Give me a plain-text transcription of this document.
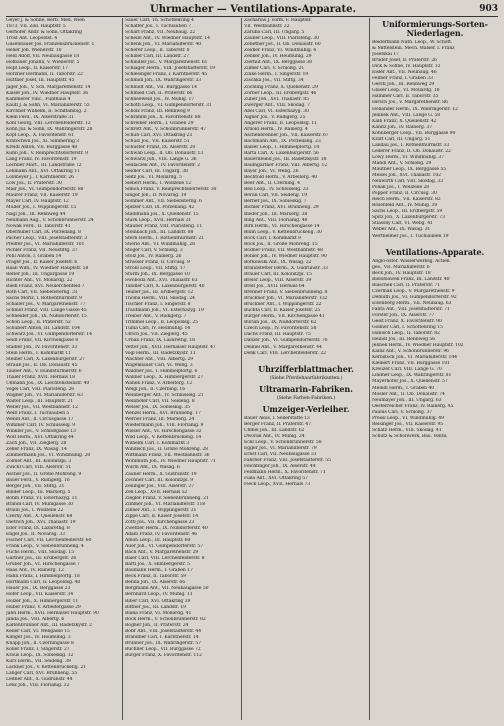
Uhrmacher — Ventilations-Apparate.	903
Geyer J. & Söhne, Berb. Med. Wien
1873, VII. Zoll. Hauptstr. 5
Gerhofer Andr. & Sohn, Ottakring
Trost Ant. Leopoldst. 4
Gusenbauer Jos. Franzensbrückenstr. 1
Heller Joh. Wienerstr. 10
Held Adolf, VII. Neubaugasse 18
Hofbauer Johann, V. Wienerstr. 5
Hopf Leop., II. Kaiserstr. 17
Hörzner Hermann, II. Taborstr. 22
Hüttner Josef, III. Hauptstr. 45
Jäger Joh., V. Sch. Margarethenstr. 14
Kaiser Joh., IV. Wiedner Hauptstr. 36
Kämmerer Vinc., Fünfhaus 4
Käufl J. & Sohn, VI. Mariahilferstr. 55
Kirchner Wilhelm, II. Schiffamtsg. 2
Klein Ferd., IX. Alserstraße 31
Kohl Georg, VIII. Lerchenfelderstr. 12
Kohn Jul. & Sohn, IX. Währingerstr. 28
Kopf Leop., X. Favoritenstr. 61
Kratochwil Jos., XI. Simmering 3
Kreidl Anton, VII. Burggasse 48
Kühn Joh., V. Reinprechtsdorferstr. 9
Lang Franz, IV. Favoritenstr. 19
Lechner Mart., III. Landstraße 72
Lehmann Ant., XVI. Ottakring 11
Lobmeyer J., I. Kärntnerstr. 26
Löw Jos., II. Praterstr. 30
Mair Jos., VI. Gumpendorferstr. 88
Maurer Franz, VII. Kaiserstr. 19
Mayer Carl, IV. Hauptstr. 12
Müller Jos., I. Wipplingerstr. 15
Nagl Joh., III. Rennweg 44
Neumann Aug., V. Schönbrunnerstr. 24
Nowak Ferd., II. Taborstr. 41
Oberhuber Carl, IX. Porzellang. 8
Pacher Leop., VIII. Josefstädterstr. 3
Pfeiffer Jos., VI. Mariahilferstr. 101
Pichler Franz, VII. Neustiftg. 37
Pohl Anton, I. Graben 14
Prager Jos., II. Kaiser Josefstr. 6
Raab Wilh., IV. Wiedner Hauptstr. 58
Reiter Joh., III. Ungargasse 19
Richter Ant., VI. Mollardg. 22
Riedl Franz, XVI. Neulerchenfeld 7
Roth Carl, VII. Siebensterng. 31
Sachs Moriz, I. Rothenthurmstr. 9
Schaller Jos., V. Margarethenstr. 77
Schmid Franz, VIII. Lange Gasse 45
Schneider Joh., IX. Nußdorferstr. 15
Schön Leop., II. Praterstr. 52
Schubert Anton, III. Landstr. 104
Schwarz Jos., VI. Gumpendorferstr. 14
Seidl Franz, VII. Kirchengasse 8
Stadler Joh., IV. Favoritenstr. 33
Stein Herm., I. Kohlmarkt 11
Steiner Carl, X. Laxenburgerstr. 27
Strauß Jos., II. Ob. Donaustr. 45
Tauber Ant., V. Hundsturmerstr. 6
Thaler Franz, XVII. Hernals 18
Ullmann Jos., IX. Liechtensteinstr. 40
Vogel Carl, VIII. Piaristeng. 26
Wagner Joh., VI. Mariahilferstr. 63
Walter Leop., III. Hauptstr. 21
Weber Jos., VII. Westbahnstr. 12
Weiß Franz, I. Tuchlauben 5
Wendl Ant., II. Circusgasse 17
Wimmer Carl, IV. Schlüsselg. 9
Winkler Jos., V. Schloßgasse 13
Wolf Herm., XVI. Ottakring 44
Zach Joh., VII. Zieglerg. 28
Zeller Franz, IX. Wasag. 14
Zimmermann Jos., VI. Windmühlg. 20
Zöllner Ant., III. Kolonitzpl. 3
Zwickl Carl, VIII. Alserstr. 51
Ascher Jos., II. Große Mohreng. 9
Bauer Ferd., V. Rüdigerg. 16
Berger Joh., VII. Stiftg. 21
Binder Leop., III. Marxerg. 5
Böhm Franz, VI. Esterhazyg. 11
Brandl Carl, IV. Mühlgasse 30
Braun Jos., I. Wollzeile 22
Czerny Ant., X. Quellenstr. 68
Dietrich Joh., XVI. Thaliastr. 19
Eder Franz, IX. Lazarethg. 8
Engel Jos., II. Novarag. 33
Fischer Carl, VII. Lerchenfelderstr. 60
Frank Leop., V. Siebenbrunneng. 4
Fuchs Herm., VIII. Skodag. 15
Gärtner Jos., III. Erdbergstr. 26
Gruber Joh., VI. Hirschengasse 7
Haas Ant., IV. Rainerg. 12
Hahn Franz, I. Himmelpfortg. 18
Hartmann Carl, II. Leopoldsg. 40
Hauer Jos., IX. Berggasse 23
Hofer Leop., VII. Kaiserstr. 34
Holzer Joh., X. Himbergerstr. 11
Huber Franz, V. Arbeitergasse 29
Jahn Herm., XVII. Hernalser Hauptstr. 90
Janda Jos., VIII. Albertg. 6
Kaltenbrunner Ant., III. Radetzkystr. 2
Keller Carl, VI. Webgasse 15
Klinger Jos., IV. Heumühlg. 3
Knapp Joh., II. Czerningasse 8
Koller Franz, I. Singerstr. 27
Kraus Leop., IX. Sobieskig. 12
Kurz Herm., VII. Seideng. 39
Lackner Jos., V. Kettenbrückeng. 21
Langer Carl, XVI. Brunneng. 55
Leitner Ant., X. Gudrunstr. 44
Lenz Joh., VIII. Florianig. 32
Sauer Carl, Th. Schottenring 4
Schaffer Jos., I. Tuchlauben 7
Schärf Franz, VII. Neubaug. 22
Scheibl Ant., IV. Wiedner Hauptstr. 14
Schenk Joh., VI. Mariahilferstr. 40
Scherer Leop., II. Taborstr. 8
Schiller Carl, III. Landstr. 27
Schindler Jos., V. Margarethenstr. 61
Schlager Herm., VIII. Josefstädterstr. 19
Schlesinger Franz, I. Kärntnerstr. 45
Schmidl Joh., IX. Währingerstr. 33
Schmidt Ant., VII. Burggasse 14
Schmied Carl, II. Praterstr. 66
Schneeweiß Jos., IV. Mühlg. 17
Schöffl Leop., VI. Gumpendorferstr. 31
Scholz Franz, III. Rennweg 9
Schramm Joh., X. Favoritenstr. 88
Schreiber Herm., I. Graben 29
Schrott Ant., V. Schönbrunnerstr. 47
Schuh Carl, XVI. Ottakring 23
Schulz Jos., VII. Kaiserstr. 51
Schuster Franz, IX. Alserstr. 20
Schwab Leop., II. Ob. Donaustr. 13
Schwarzl Joh., VIII. Lange G. 36
Sedlaczek Ant., IV. Favoritenstr. 2
Seidler Carl, III. Ungarg. 38
Seitz Jos., VI. Mollardg. 5
Siebert Herm., I. Wollzeile 12
Simon Franz, V. Reinprechtsdorferstr. 30
Singer Joh., II. Novarag. 19
Sommer Ant., VII. Siebensterng. 6
Spitzer Carl, IX. Porzellang. 42
Stadlmann Jos., X. Quellenstr. 15
Stark Leop., XVII. Hernals 31
Stauber Franz, VIII. Piaristeng. 11
Steinbach Joh., III. Landstr. 88
Stern Herm., I. Rothenthurmstr. 21
Stierle Ant., VI. Windmühlg. 28
Stöger Carl, V. Schloßg. 3
Stolz Jos., IV. Rainerg. 26
Strasser Franz, II. Circusg. 9
Strobl Leop., VII. Stiftg. 17
Sturm Joh., IX. Berggasse 10
Swoboda Ant., XVI. Thaliastr. 63
Tandler Carl, X. Laxenburgerstr. 40
Teuber Jos., III. Erdbergstr. 12
Thoma Herm., VIII. Skodag. 24
Tischler Franz, I. Singerstr. 8
Trautmann Joh., VI. Esterhazyg. 19
Treiber Ant., V. Rüdigerg. 7
Trimmel Leop., II. Leopoldsg. 25
Tuma Carl, IV. Heumühlg. 14
Ulrich Jos., VII. Zieglerg. 45
Urban Franz, IX. Lazarethg. 18
Vetter Joh., XVII. Hernalser Hauptstr. 47
Vogl Herm., III. Radetzkystr. 11
Wachter Ant., VIII. Albertg. 29
Wagenbauer Carl, VI. Webg. 3
Waldner Jos., I. Himmelpfortg. 6
Wallner Leop., X. Himbergerstr. 27
Wanek Franz, V. Arbeiterg. 12
Weigl Joh., II. Czerning. 16
Weinberger Ant., IV. Schlüsselg. 21
Weinhofer Carl, VII. Seideng. 8
Weiser Jos., IX. Sobieskig. 35
Wenzel Herm., XVI. Brunneng. 17
Werner Franz, III. Marxerg. 24
Wiedermann Joh., VIII. Florianig. 9
Wieser Ant., VI. Hirschengasse 32
Wild Leop., V. Kettenbrückeng. 14
Wilhelm Carl, I. Kohlmarkt 3
Windisch Jos., II. Große Mohreng. 28
Wittmann Franz, VII. Westbahnstr. 36
Wohlmuth Joh., IV. Wiedner Hauptstr. 71
Wurm Ant., IX. Wasag. 6
Zauner Herm., X. Gudrunstr. 19
Zechner Carl, III. Kolonitzpl. 9
Zeilinger Jos., VIII. Alserstr. 27
Zell Leop., XVII. Hernals 52
Ziegler Franz, V. Siebenbrunneng. 21
Zimmer Joh., VI. Mariahilferstr. 118
Zinner Ant., I. Wipplingerstr. 31
Zippe Carl, II. Kaiser Josefstr. 14
Zottl Jos., VII. Kirchengasse 23
Zwettler Herm., IX. Nußdorferstr. 40
Adam Franz, IV. Favoritenstr. 46
Amon Leop., III. Hauptstr. 60
Auer Joh., VI. Gumpendorferstr. 57
Bach Ant., V. Margarethenstr. 29
Baier Carl, VIII. Lerchenfelderstr. 8
Bartl Jos., X. Himbergerstr. 5
Baumann Herm., I. Graben 17
Beck Franz, II. Taborstr. 59
Benda Joh., IX. Alserstr. 66
Bergmann Ant., VII. Neubaugasse 50
Bernhard Leop., IV. Mühlg. 11
Biber Carl, XVI. Ottakring 39
Bittner Jos., III. Landstr. 19
Blaha Franz, VI. Mollardg. 41
Bock Herm., V. Schönbrunnerstr. 82
Bogner Joh., II. Praterstr. 24
Bohr Ant., VIII. Josefstädterstr. 44
Brandner Carl, I. Kärntnerstr. 14
Brunner Jos., IX. Währingerstr. 57
Buchner Leop., VII. Burggasse 72
Burger Franz, X. Favoritenstr. 112
Zacharias J. vorm. F. Hauptstr.
VII. Westbahnstr. 22
Zaruba Carl, III. Ungarg. 5
Zauner Leop., VIII. Piaristeng. 30
Zehetner Jos., II. Ob. Donaustr. 60
Zeidler Franz, VI. Windmühlg. 4
Zenker Joh., IV. Heumühlg. 29
Zierhut Ant., IX. Berggasse 38
Zillner Carl, V. Schloßg. 21
Zinke Herm., I. Singerstr. 19
Zischka Jos., VII. Stiftg. 34
Zöchling Franz, X. Quellenstr. 29
Zörner Leop., III. Erdbergstr. 46
Zuber Joh., XVI. Thaliastr. 85
Zwerger Ant., VIII. Skodag. 7
Abel Carl, VI. Esterhazyg. 30
Aigner Jos., V. Rüdigerg. 25
Angerer Franz, II. Leopoldsg. 11
Arnold Herm., IV. Rainerg. 4
Aschenbrenner Joh., VII. Kaiserstr. 67
Bachmann Ant., IX. Porzellang. 23
Balzer Leop., I. Himmelpfortg. 14
Barta Carl, X. Laxenburgerstr. 56
Bauernfeind Jos., III. Radetzkystr. 18
Baumgartner Franz, VIII. Albertg. 12
Bayer Joh., VI. Webg. 26
Bechtold Herm., V. Arbeiterg. 40
Beer Ant., II. Czerning. 4
Beil Leop., IV. Schlüsselg. 33
Beran Carl, VII. Seideng. 19
Berner Jos., IX. Sobieskig. 7
Bichler Franz, XVI. Brunneng. 29
Bieder Joh., III. Marxerg. 38
Bing Ant., VIII. Florianig. 48
Birk Herm., VI. Hirschengasse 14
Blum Leop., V. Kettenbrückeng. 30
Bock Carl, I. Kohlmarkt 9
Böck Jos., II. Große Mohreng. 15
Bodner Franz, VII. Westbahnstr. 48
Böhler Joh., IV. Wiedner Hauptstr. 90
Borkowski Ant., IX. Wasag. 22
Brandstetter Herm., X. Gudrunstr. 33
Brauer Carl, III. Kolonitzpl. 15
Breier Leop., VIII. Alserstr. 39
Breit Jos., XVII. Hernals 64
Brenner Franz, V. Siebenbrunneng. 8
Brückner Joh., VI. Mariahilferstr. 132
Bruckner Ant., I. Wipplingerstr. 22
Buchta Carl, II. Kaiser Josefstr. 25
Bürger Herm., VII. Kirchengasse 41
Burian Jos., IX. Nußdorferstr. 62
Czech Leop., IV. Favoritenstr. 58
Dachs Franz, III. Hauptstr. 75
Danzer Joh., VI. Gumpendorferstr. 70
Deimel Ant., V. Margarethenstr. 44
Denk Carl, VIII. Lerchenfelderstr. 22
Uhrzifferblattmacher.
(Siehe Pferdehaarfabrikanten.)
Ultramarin-Fabriken.
(Siehe Farben-Fabriken.)
Umzeiger-Verleiher.
Bauer Alois, I. Seilerstätte 13
Berger Franz, II. Praterstr. 47
Chmel Joh., III. Landstr. 62
Dworak Ant., IV. Mühlg. 24
Eckl Leop., V. Schönbrunnerstr. 58
Egger Jos., VI. Mariahilferstr. 79
Ernst Carl, VII. Neubaugasse 31
Fahrner Franz, VIII. Josefstädterstr. 55
Feichtinger Joh., IX. Alserstr. 44
Feldmann Herm., X. Favoritenstr. 71
Fiala Ant., XVI. Ottakring 57
Fleck Leop., XVII. Hernals 73
Uniformierungs-Sorten-Niederlagen.
Beidermann Nath. Leop., W. Schott.
& Mittelstein. Mech. Walser, I. Franz
Josefskai 17
Brüder Josef, II. Praterstr. 26
Dick & Söhne, IV. Hauptstr. 12
Eisler Ant., VII. Neubaug. 46
Fellner Franz, I. Graben 33
Gerstl Joh., III. Rennweg 29
Glaser Leop., VI. Mollardg. 18
Hammer Carl, II. Taborstr. 35
Hirsch Jos., V. Margarethenstr. 86
Holländer Herm., IX. Währingerstr. 12
Jellinek Ant., VIII. Lange G. 58
Kalb Franz, X. Quellenstr. 42
Kanitz Joh., IV. Rainerg. 37
Kohnberger Leop., VII. Burggasse 90
Kraft Carl, III. Ungarg. 51
Landau Jos., I. Rothenthurmstr. 33
Lederer Franz, II. Ob. Donaustr. 22
Löwy Herm., VI. Windmühlg. 37
Mandl Ant., V. Schloßg. 29
Mautner Leop., IX. Berggasse 55
Meisel Joh., XVI. Thaliastr. 102
Neuwirth Carl, VIII. Skodag. 33
Pollak Jos., I. Wollzeile 28
Popper Franz, II. Circusg. 30
Reich Herm., VII. Kaiserstr. 82
Rosenfeld Ant., IV. Mühlg. 39
Sachs Leop., III. Erdbergstr. 59
Spitz Joh., X. Laxenburgerstr. 73
Stiassny Carl, VI. Webg. 41
Weber Ant., IX. Wasag. 31
Wertheimer Jos., I. Tuchlauben 19
Ventilations-Apparate.
Anglo-öster. Wasserwerksg. Actien.
ges., VII. Mariahilferstr. 6
Beck Joh., IV. Hauptstr. 18
Bielohlawek Franz, III. Landstr. 40
Blaschek Carl, II. Praterstr. 71
Czermak Leop., V. Margarethenstr. 9
Demuth Jos., VI. Gumpendorferstr. 92
Eisenberg Herm., VII. Neubaug. 63
Fanta Ant., VIII. Josefstädterstr. 71
Förster Joh., IX. Alserstr. 77
Geist Franz, X. Favoritenstr. 90
Gollner Carl, I. Schottenring 15
Hanisch Leop., II. Taborstr. 82
Heindl Jos., III. Rennweg 56
Jelinek Herm., IV. Wiedner Hauptstr. 102
Kainz Ant., V. Schönbrunnerstr. 96
Kernstock Joh., VI. Mariahilferstr. 144
Kleinert Franz, VII. Burggasse 101
Kreuzer Carl, VIII. Lange G. 70
Lindner Leop., IX. Währingerstr. 81
Mayerhofer Jos., X. Quellenstr. 57
Meindl Herm., I. Graben 40
Mosler Ant., II. Ob. Donaustr. 74
Neumayer Joh., III. Ungarg. 63
Oesterreicher Franz, IV. Rainerg. 45
Paulus Carl, V. Schloßg. 37
Pressl Leop., VI. Windmühlg. 49
Reisinger Jos., VII. Kaiserstr. 95
Schatz Herm., VIII. Skodag. 41
Schütz & Schönwerk, Bau. Ventil.
